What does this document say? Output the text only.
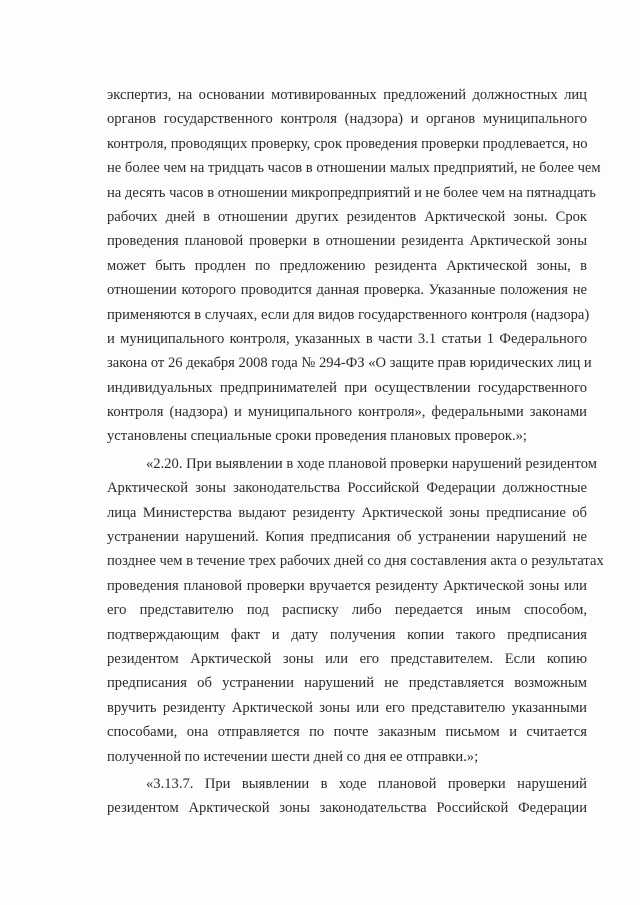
экспертиз, на основании мотивированных предложений должностных лиц
органов государственного контроля (надзора) и органов муниципального
контроля, проводящих проверку, срок проведения проверки продлевается, но
не более чем на тридцать часов в отношении малых предприятий, не более чем
на десять часов в отношении микропредприятий и не более чем на пятнадцать
рабочих дней в отношении других резидентов Арктической зоны. Срок
проведения плановой проверки в отношении резидента Арктической зоны
может быть продлен по предложению резидента Арктической зоны, в
отношении которого проводится данная проверка. Указанные положения не
применяются в случаях, если для видов государственного контроля (надзора)
и муниципального контроля, указанных в части 3.1 статьи 1 Федерального
закона от 26 декабря 2008 года № 294-ФЗ «О защите прав юридических лиц и
индивидуальных предпринимателей при осуществлении государственного
контроля (надзора) и муниципального контроля», федеральными законами
установлены специальные сроки проведения плановых проверок.»;
«2.20. При выявлении в ходе плановой проверки нарушений резидентом
Арктической зоны законодательства Российской Федерации должностные
лица Министерства выдают резиденту Арктической зоны предписание об
устранении нарушений. Копия предписания об устранении нарушений не
позднее чем в течение трех рабочих дней со дня составления акта о результатах
проведения плановой проверки вручается резиденту Арктической зоны или
его представителю под расписку либо передается иным способом,
подтверждающим факт и дату получения копии такого предписания
резидентом Арктической зоны или его представителем. Если копию
предписания об устранении нарушений не представляется возможным
вручить резиденту Арктической зоны или его представителю указанными
способами, она отправляется по почте заказным письмом и считается
полученной по истечении шести дней со дня ее отправки.»;
«3.13.7. При выявлении в ходе плановой проверки нарушений
резидентом Арктической зоны законодательства Российской Федерации
